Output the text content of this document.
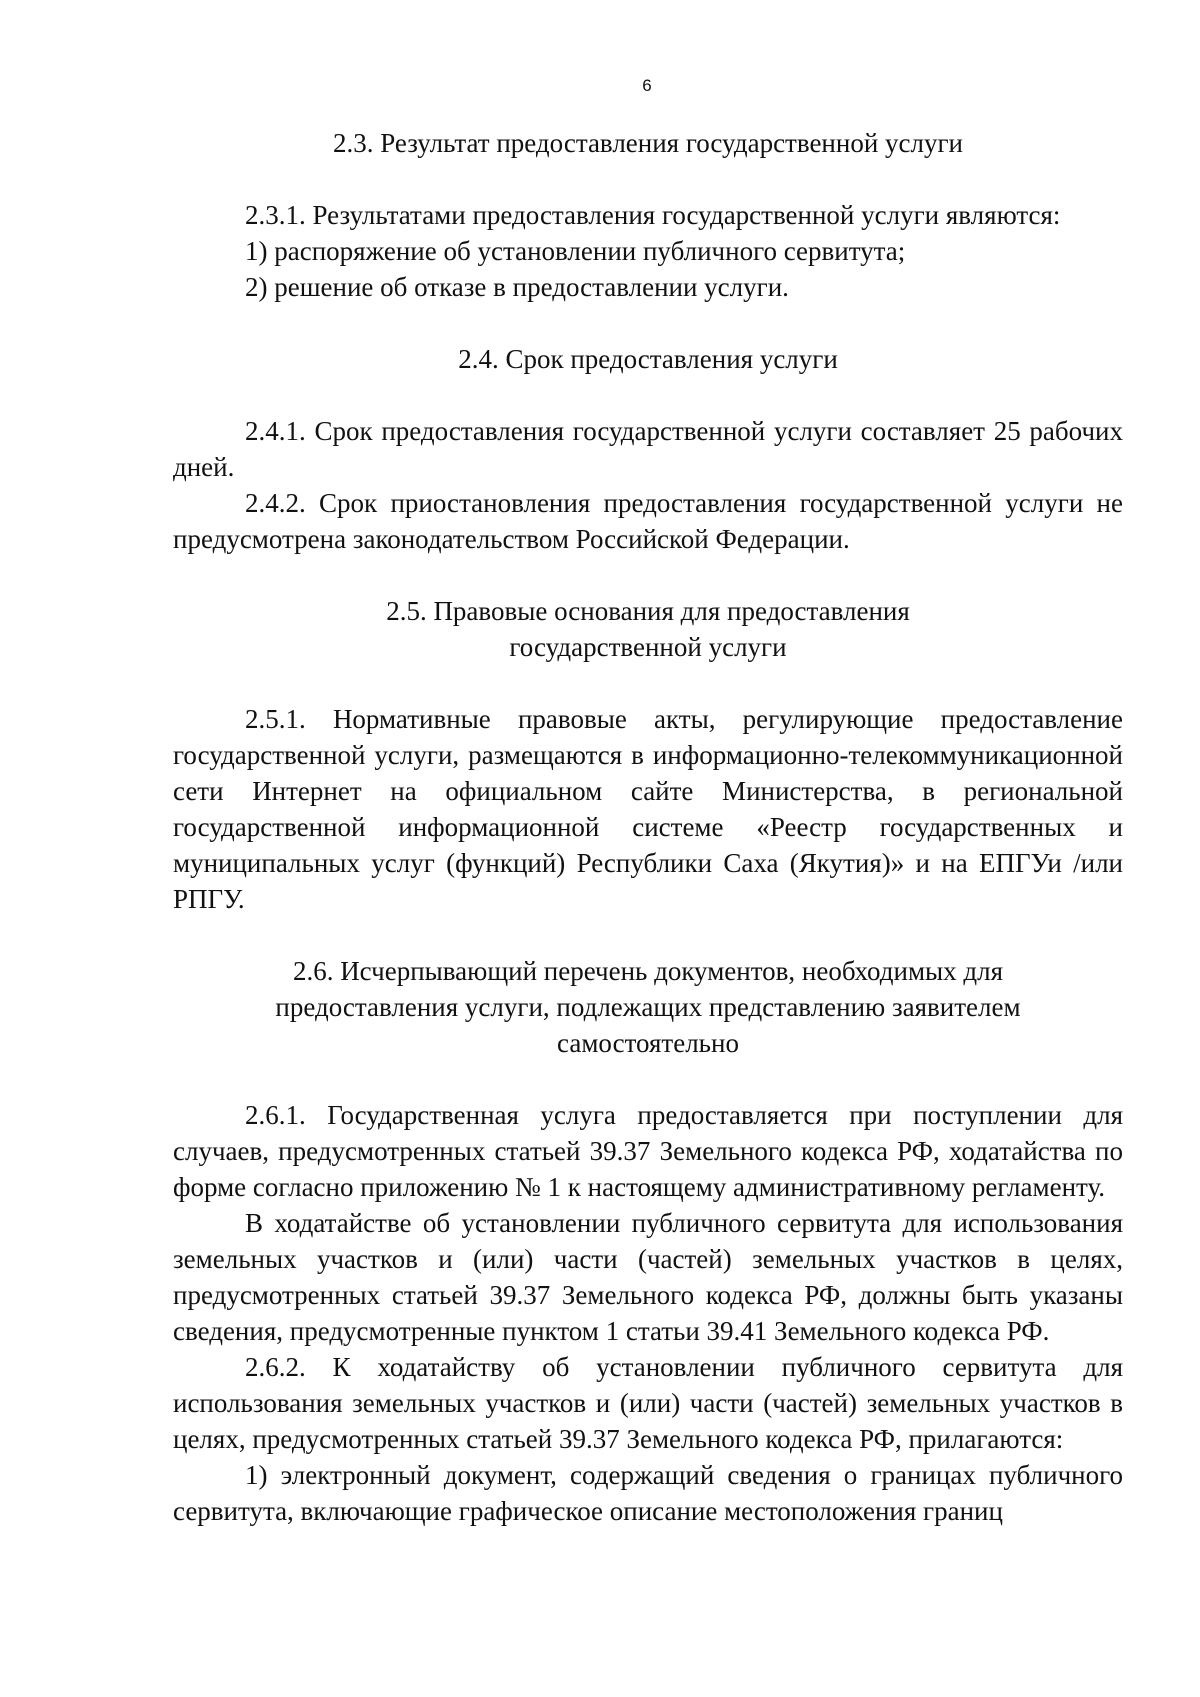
6
2.3. Результат предоставления государственной услуги

2.3.1. Результатами предоставления государственной услуги являются:

1) распоряжение об установлении публичного сервитута;

2) решение об отказе в предоставлении услуги.

2.4. Срок предоставления услуги

2.4.1. Срок предоставления государственной услуги составляет 25 рабочих дней.

2.4.2. Срок приостановления предоставления государственной услуги не предусмотрена законодательством Российской Федерации.

2.5. Правовые основания для предоставления
государственной услуги

2.5.1. Нормативные правовые акты, регулирующие предоставление государственной услуги, размещаются в информационно-телекоммуникационной сети Интернет на официальном сайте Министерства, в региональной государственной информационной системе «Реестр государственных и муниципальных услуг (функций) Республики Саха (Якутия)» и на ЕПГУи /или РПГУ.

2.6. Исчерпывающий перечень документов, необходимых для
предоставления услуги, подлежащих представлению заявителем
самостоятельно

2.6.1. Государственная услуга предоставляется при поступлении для случаев, предусмотренных статьей 39.37 Земельного кодекса РФ, ходатайства по форме согласно приложению № 1 к настоящему административному регламенту.

В ходатайстве об установлении публичного сервитута для использования земельных участков и (или) части (частей) земельных участков в целях, предусмотренных статьей 39.37 Земельного кодекса РФ, должны быть указаны сведения, предусмотренные пунктом 1 статьи 39.41 Земельного кодекса РФ.

2.6.2. К ходатайству об установлении публичного сервитута для использования земельных участков и (или) части (частей) земельных участков в целях, предусмотренных статьей 39.37 Земельного кодекса РФ, прилагаются:

1) электронный документ, содержащий сведения о границах публичного сервитута, включающие графическое описание местоположения границ
